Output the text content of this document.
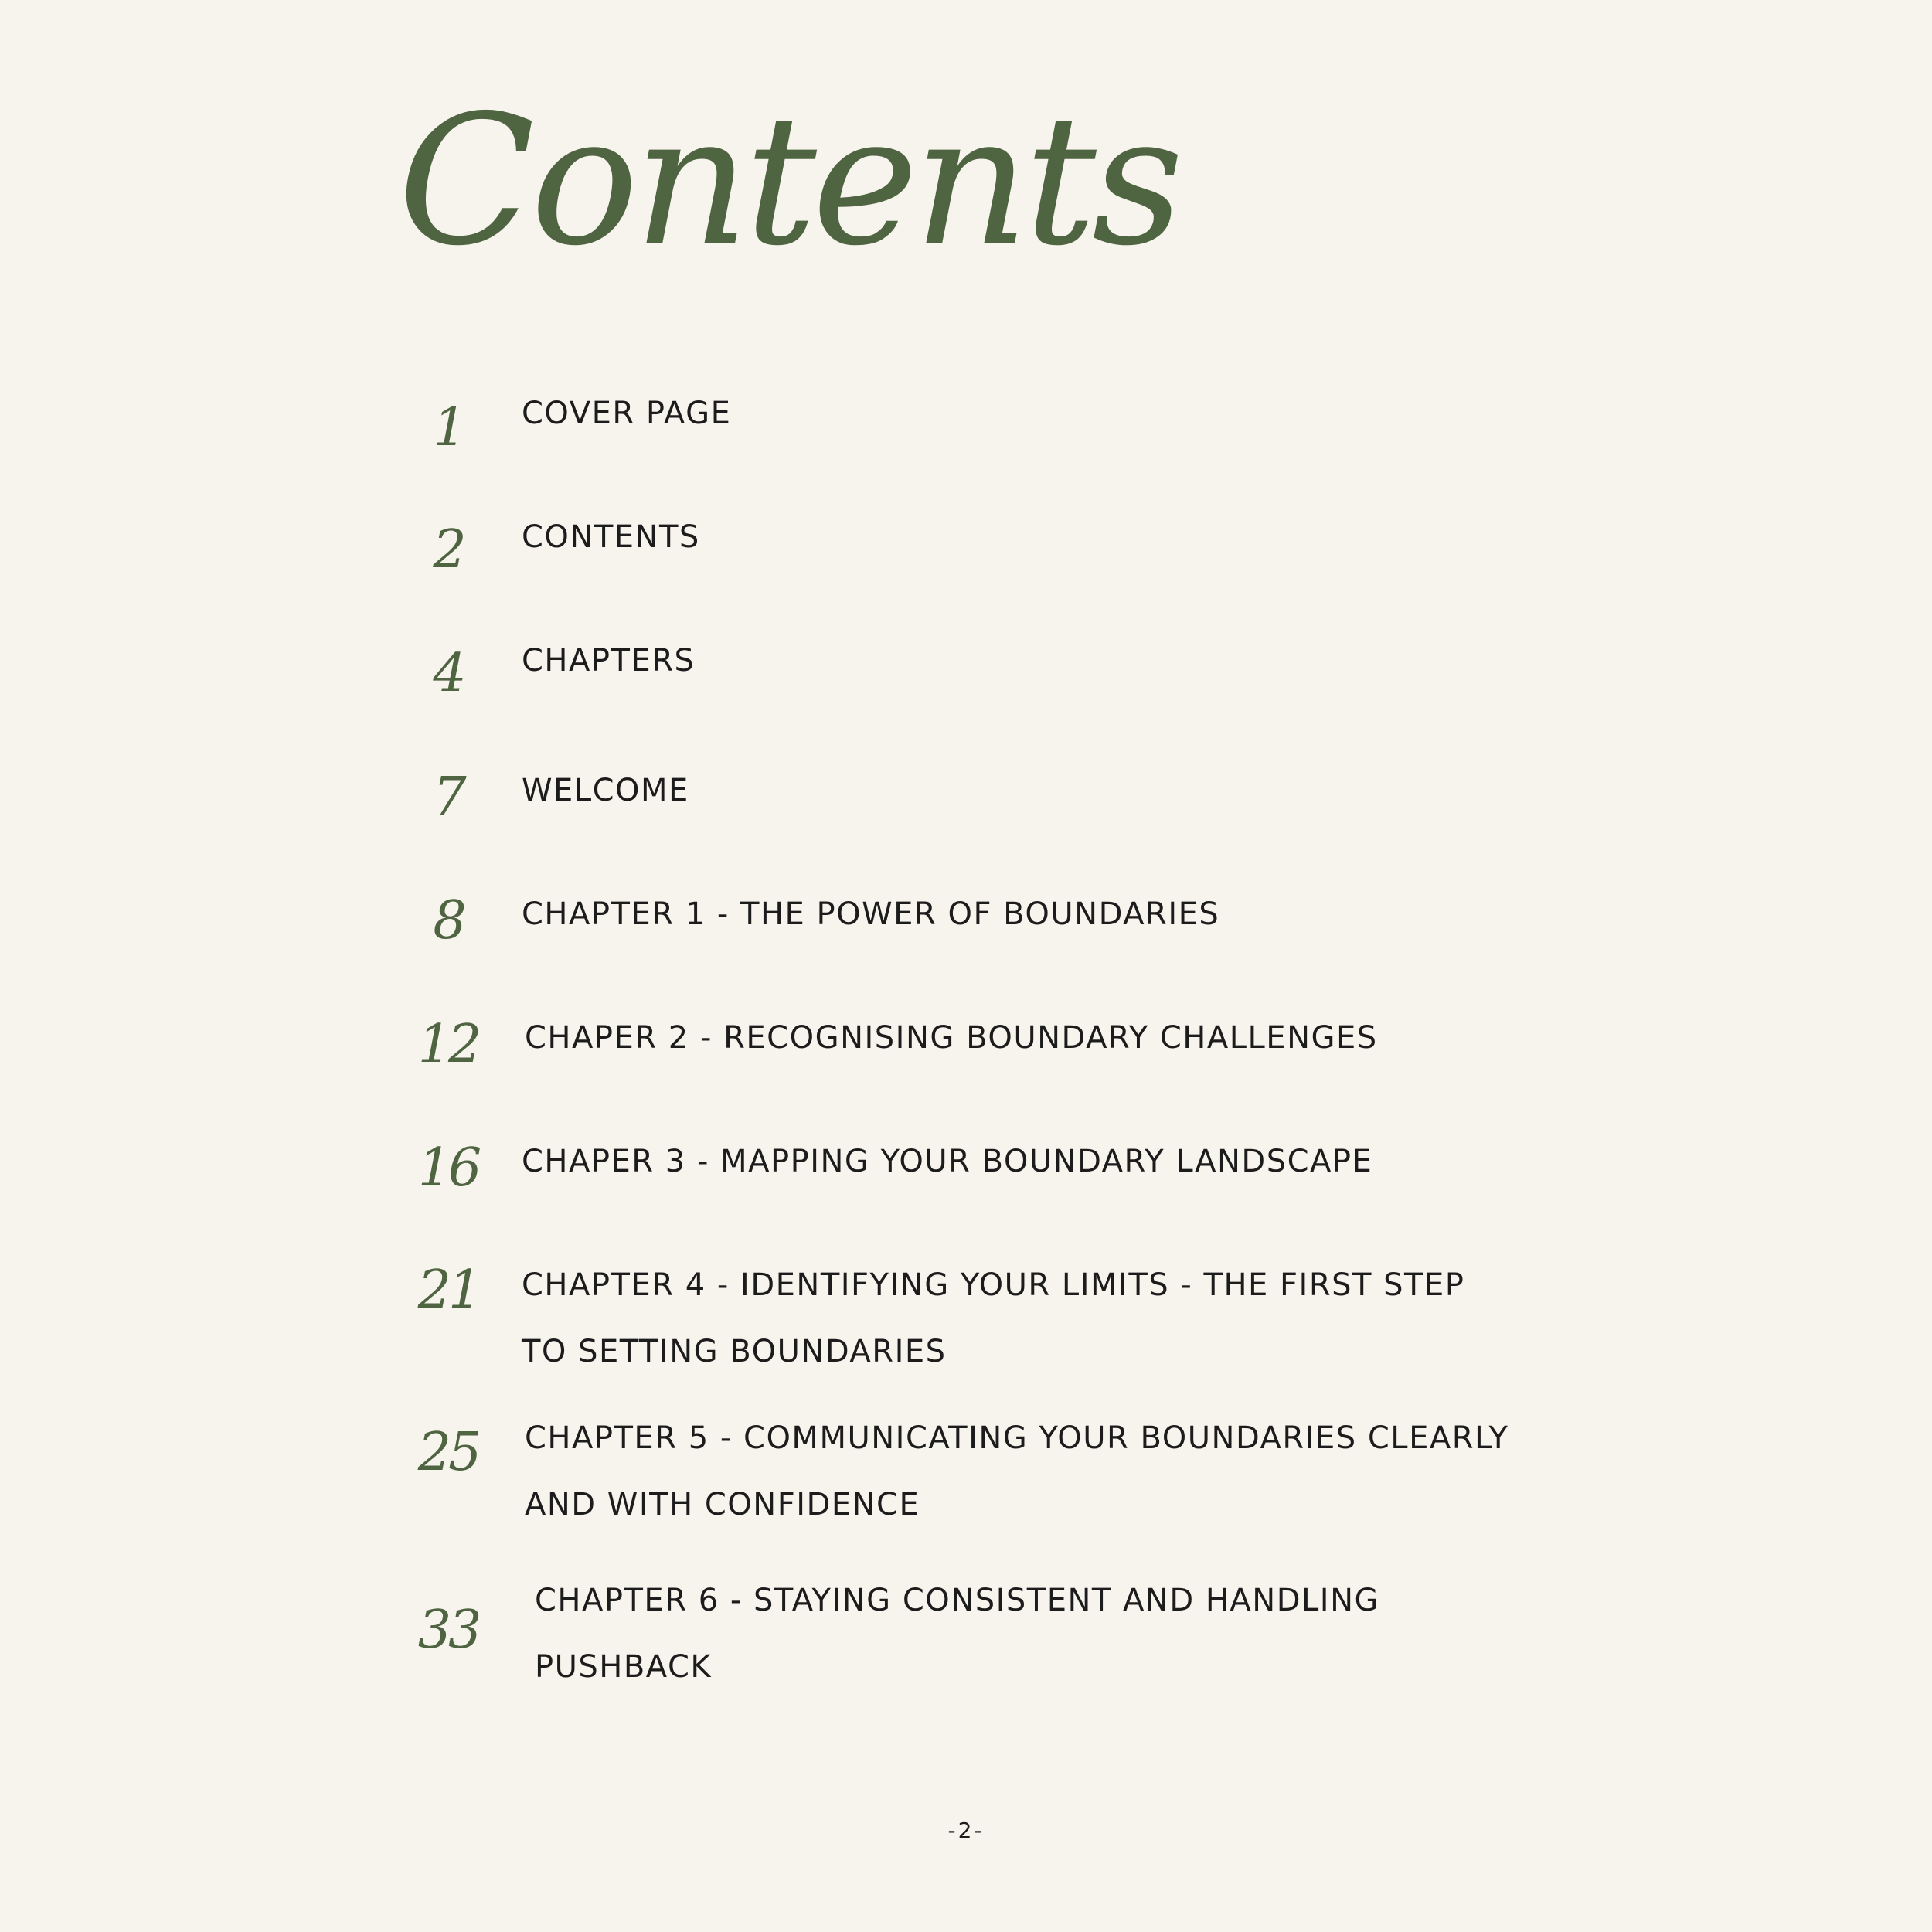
Contents
1	COVER PAGE
2	CONTENTS
4	CHAPTERS
7	WELCOME
8	CHAPTER 1 - THE POWER OF BOUNDARIES
12	CHAPER 2 - RECOGNISING BOUNDARY CHALLENGES
16	CHAPER 3 - MAPPING YOUR BOUNDARY LANDSCAPE
21	CHAPTER 4 - IDENTIFYING YOUR LIMITS - THE FIRST STEP TO SETTING BOUNDARIES
25	CHAPTER 5 - COMMUNICATING YOUR BOUNDARIES CLEARLY AND WITH CONFIDENCE
33	CHAPTER 6 - STAYING CONSISTENT AND HANDLING PUSHBACK
-2-
